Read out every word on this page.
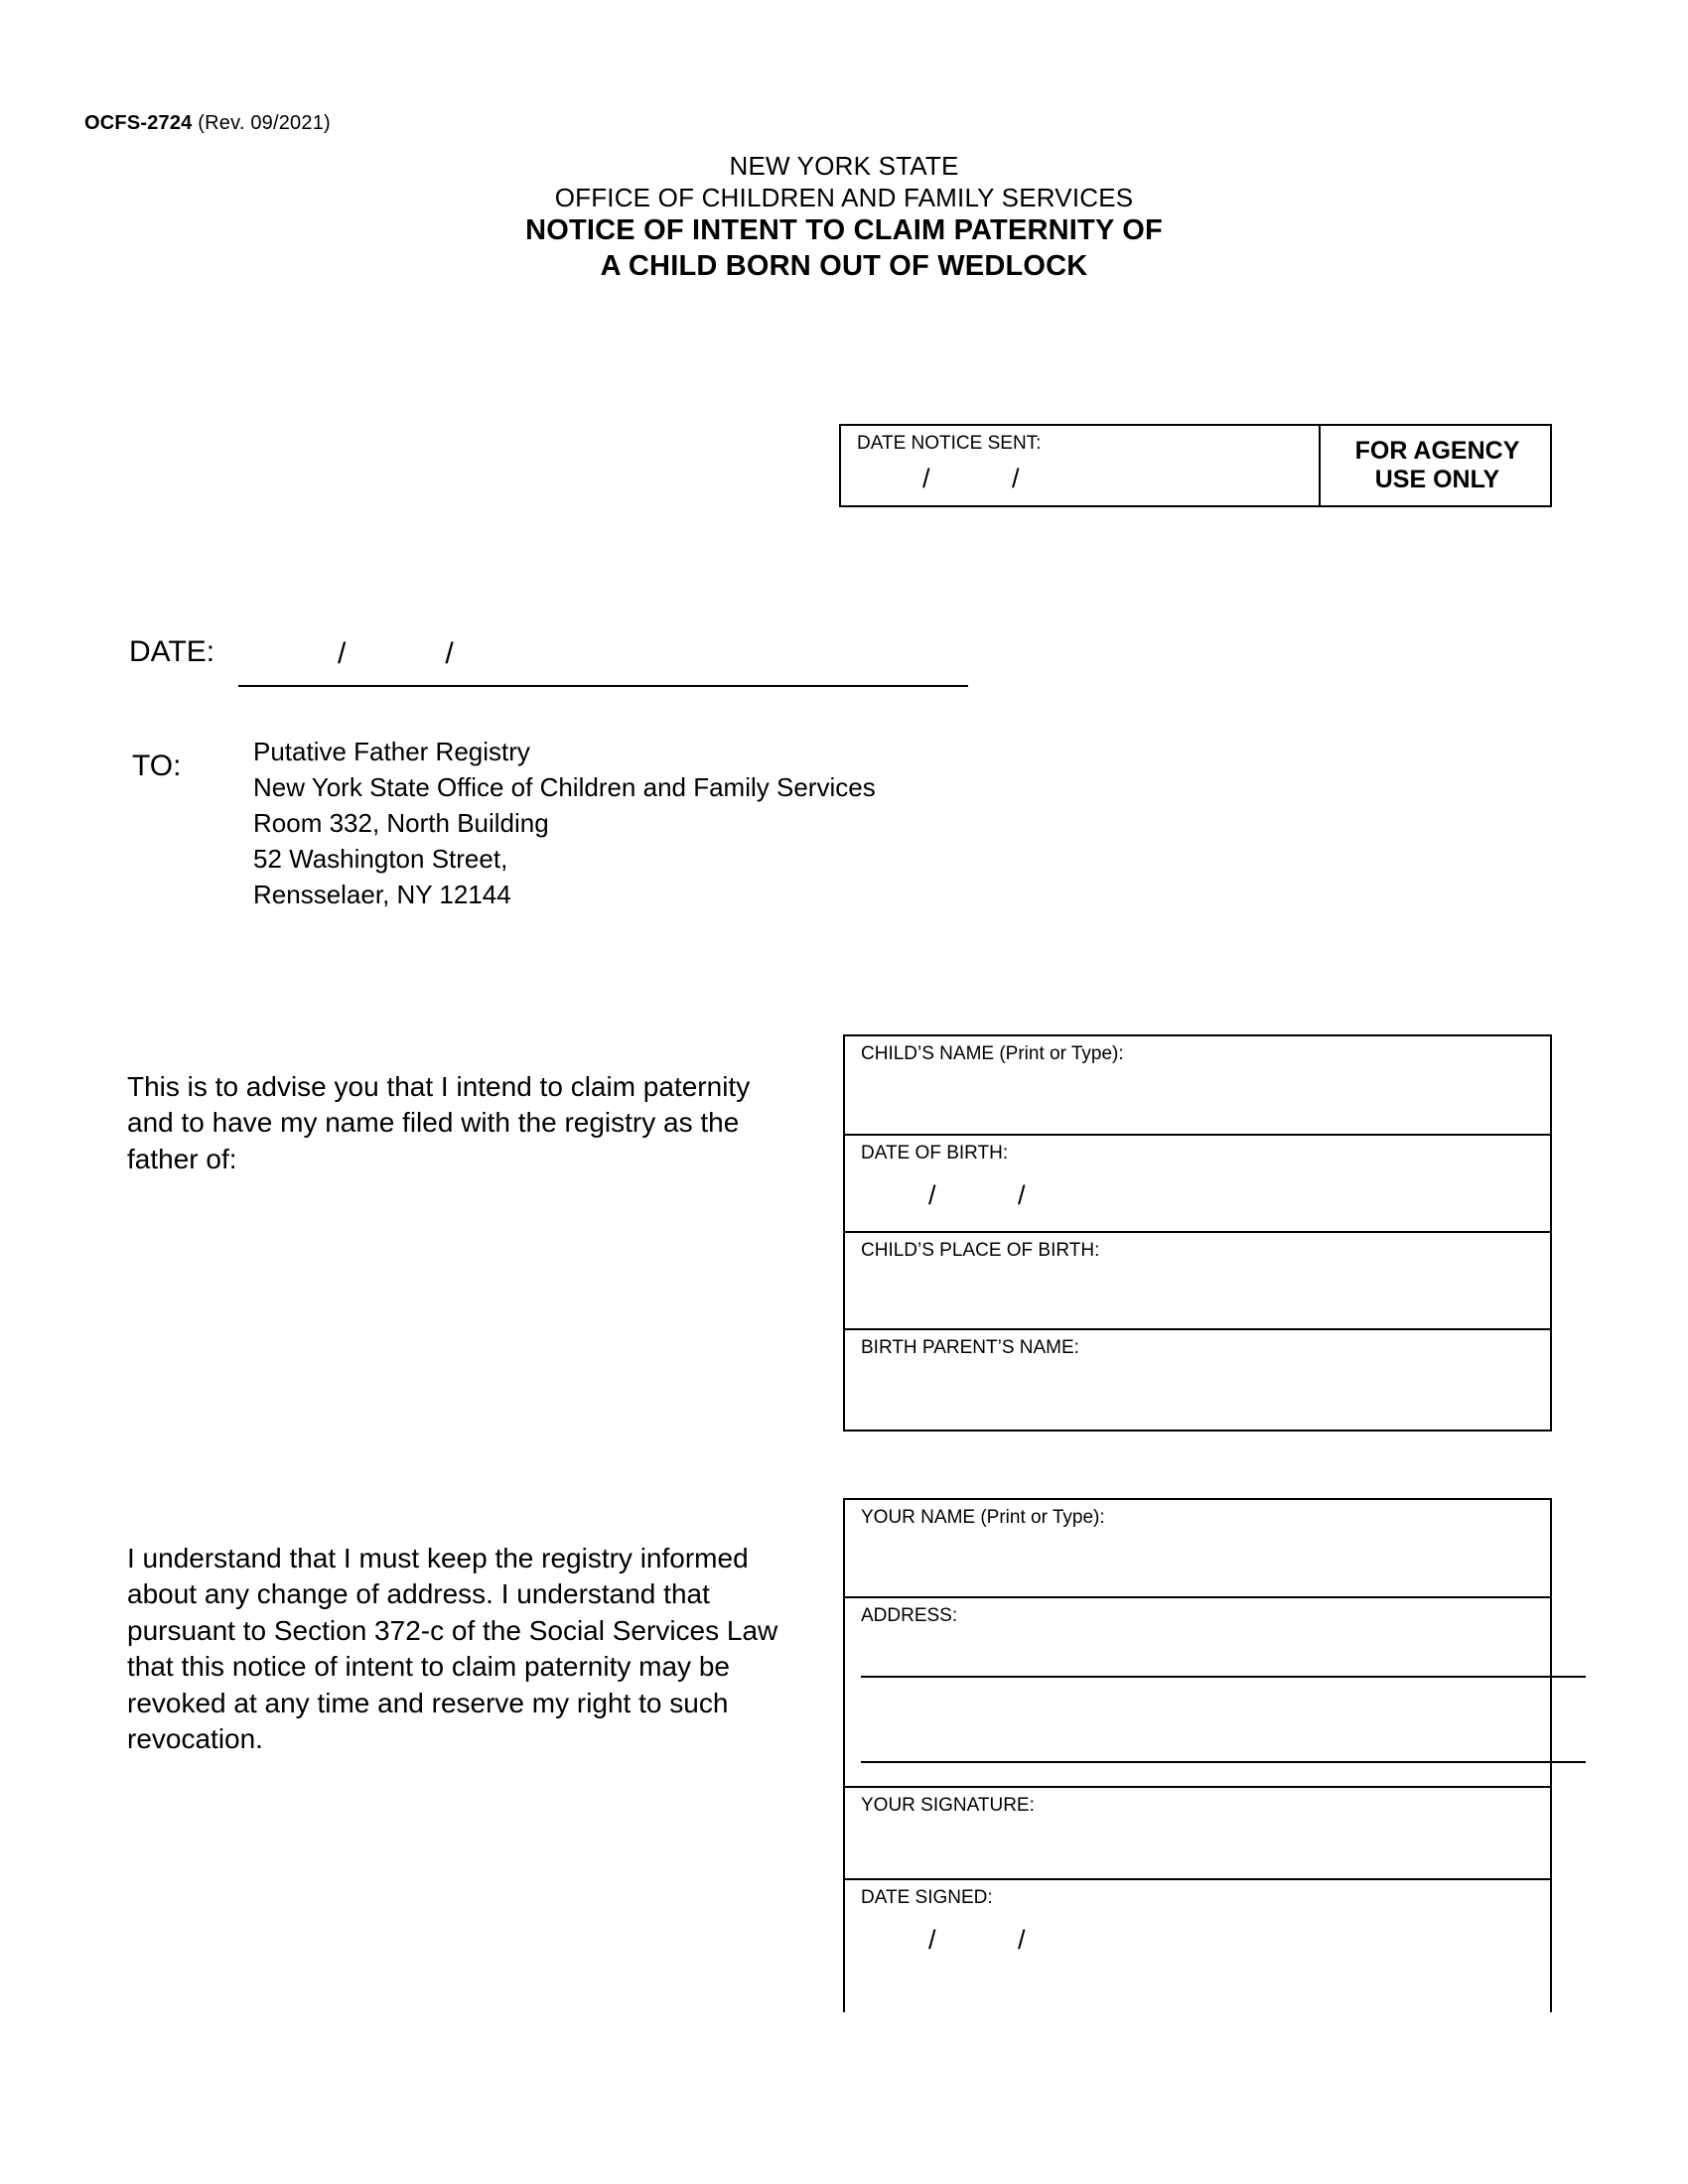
OCFS-2724 (Rev. 09/2021)
NEW YORK STATE
OFFICE OF CHILDREN AND FAMILY SERVICES
NOTICE OF INTENT TO CLAIM PATERNITY OF
A CHILD BORN OUT OF WEDLOCK
DATE NOTICE SENT:
/           /
FOR AGENCY
USE ONLY
DATE:	/            /
TO:	Putative Father Registry
New York State Office of Children and Family Services
Room 332, North Building
52 Washington Street,
Rensselaer, NY 12144
This is to advise you that I intend to claim paternity and to have my name filed with the registry as the father of:
CHILD’S NAME (Print or Type):
DATE OF BIRTH:
/           /
CHILD’S PLACE OF BIRTH:
BIRTH PARENT’S NAME:
I understand that I must keep the registry informed about any change of address. I understand that pursuant to Section 372-c of the Social Services Law that this notice of intent to claim paternity may be revoked at any time and reserve my right to such revocation.
YOUR NAME (Print or Type):
ADDRESS:
YOUR SIGNATURE:
DATE SIGNED:
/           /
